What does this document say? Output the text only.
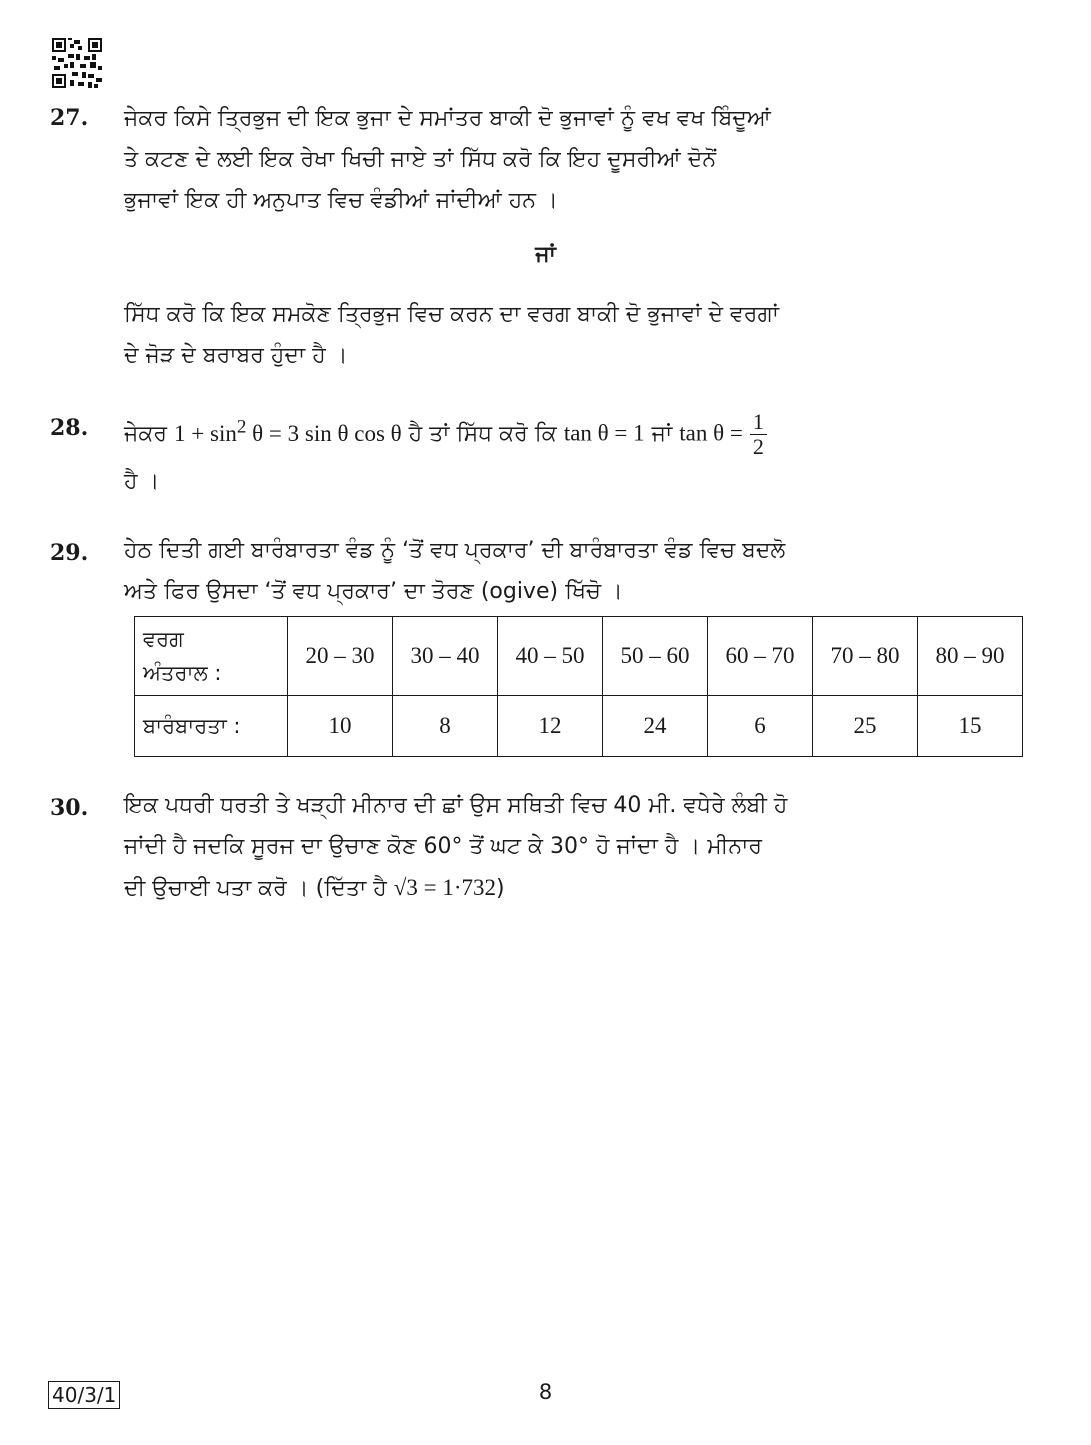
27. ਜੇਕਰ ਕਿਸੇ ਤ੍ਰਿਭੁਜ ਦੀ ਇਕ ਭੁਜਾ ਦੇ ਸਮਾਂਤਰ ਬਾਕੀ ਦੋ ਭੁਜਾਵਾਂ ਨੂੰ ਵਖ ਵਖ ਬਿੰਦੂਆਂ

ਤੇ ਕਟਣ ਦੇ ਲਈ ਇਕ ਰੇਖਾ ਖਿਚੀ ਜਾਏ ਤਾਂ ਸਿੱਧ ਕਰੋ ਕਿ ਇਹ ਦੂਸਰੀਆਂ ਦੋਨੋਂ

ਭੁਜਾਵਾਂ ਇਕ ਹੀ ਅਨੁਪਾਤ ਵਿਚ ਵੰਡੀਆਂ ਜਾਂਦੀਆਂ ਹਨ ।

ਜਾਂ

ਸਿੱਧ ਕਰੋ ਕਿ ਇਕ ਸਮਕੋਣ ਤ੍ਰਿਭੁਜ ਵਿਚ ਕਰਨ ਦਾ ਵਰਗ ਬਾਕੀ ਦੋ ਭੁਜਾਵਾਂ ਦੇ ਵਰਗਾਂ

ਦੇ ਜੋੜ ਦੇ ਬਰਾਬਰ ਹੁੰਦਾ ਹੈ ।

28. ਜੇਕਰ $1 + \sin^2 \theta = 3$ sin θ cos θ ਹੈ ਤਾਂ ਸਿੱਧ ਕਰੋ ਕਿ tan θ = 1 ਜਾਂ $\tan \theta = \frac{1}{2}$

ਹੈ ।

29. ਹੇਠ ਦਿਤੀ ਗਈ ਬਾਰੰਬਾਰਤਾ ਵੰਡ ਨੂੰ ‘ਤੋਂ ਵਧ ਪ੍ਰਕਾਰ’ ਦੀ ਬਾਰੰਬਾਰਤਾ ਵੰਡ ਵਿਚ ਬਦਲੋ

ਅਤੇ ਫਿਰ ਉਸਦਾ ‘ਤੋਂ ਵਧ ਪ੍ਰਕਾਰ’ ਦਾ ਤੋਰਣ (ogive) ਖਿੱਚੋ ।

ਵਰਗ
ਅੰਤਰਾਲ :	20 – 30	30 – 40	40 – 50	50 – 60	60 – 70	70 – 80	80 – 90
ਬਾਰੰਬਾਰਤਾ :	10	8	12	24	6	25	15
30. ਇਕ ਪਧਰੀ ਧਰਤੀ ਤੇ ਖੜ੍ਹੀ ਮੀਨਾਰ ਦੀ ਛਾਂ ਉਸ ਸਥਿਤੀ ਵਿਚ 40 ਮੀ. ਵਧੇਰੇ ਲੰਬੀ ਹੋ

ਜਾਂਦੀ ਹੈ ਜਦਕਿ ਸੂਰਜ ਦਾ ਉਚਾਣ ਕੋਣ 60° ਤੋਂ ਘਟ ਕੇ 30° ਹੋ ਜਾਂਦਾ ਹੈ । ਮੀਨਾਰ

ਦੀ ਉਚਾਈ ਪਤਾ ਕਰੋ । (ਦਿੱਤਾ ਹੈ √3 = 1·732)

40/3/1	8
